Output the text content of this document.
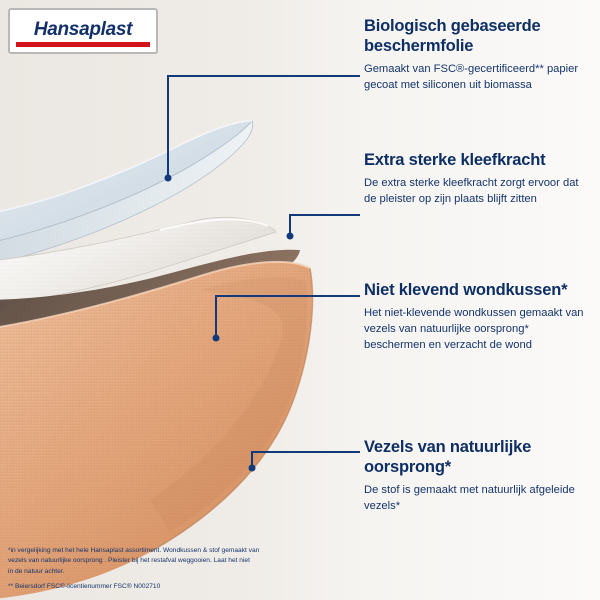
Hansaplast	Biologisch gebaseerde beschermfolie

Gemaakt van FSC®-gecertificeerd** papier gecoat met siliconen uit biomassa

Extra sterke kleefkracht

De extra sterke kleefkracht zorgt ervoor dat de pleister op zijn plaats blijft zitten

Niet klevend wondkussen*

Het niet-klevende wondkussen gemaakt van vezels van natuurlijke oorsprong* beschermen en verzacht de wond

Vezels van natuurlijke oorsprong*

De stof is gemaakt met natuurlijk afgeleide vezels*

*in vergelijking met het hele Hansaplast assortiment. Wondkussen & stof gemaakt van

vezels van natuurlijke oorsprong . Pleister bij het restafval weggooien. Laat het niet

in de natuur achter.

** Beiersdorf FSC®-licentienummer FSC® N002710
